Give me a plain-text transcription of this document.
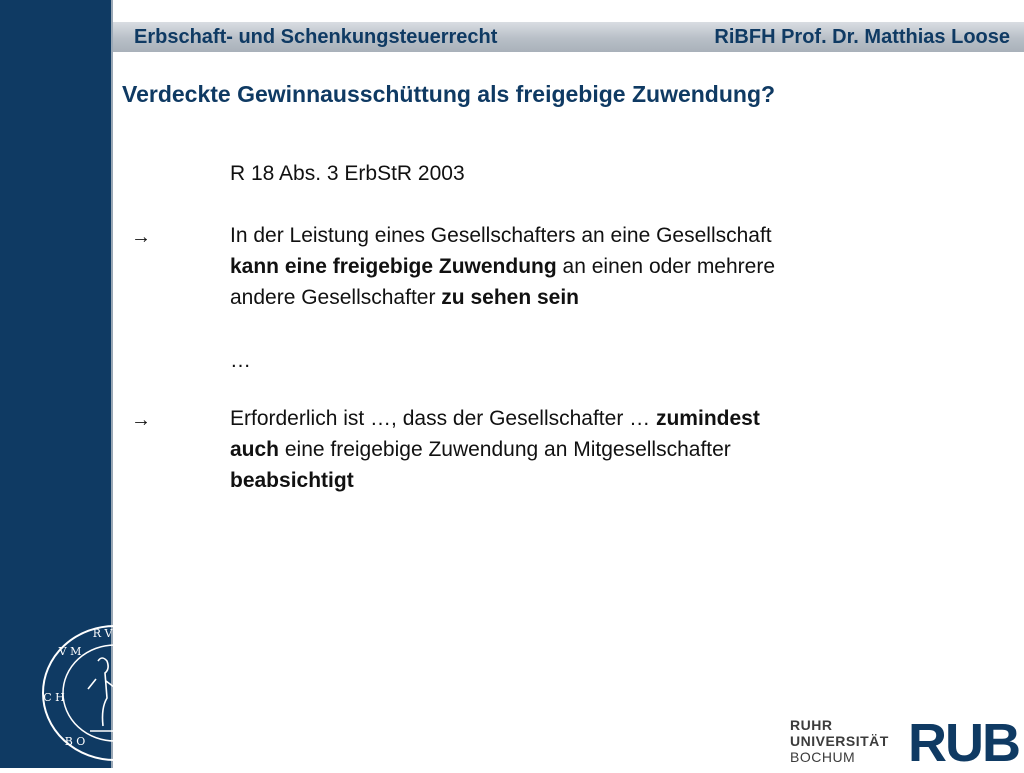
Erbschaft- und Schenkungsteuerrecht	RiBFH Prof. Dr. Matthias Loose
Verdeckte Gewinnausschüttung als freigebige Zuwendung?
R 18 Abs. 3 ErbStR 2003
→	In der Leistung eines Gesellschafters an eine Gesellschaft
kann eine freigebige Zuwendung an einen oder mehrere
andere Gesellschafter zu sehen sein
…
→	Erforderlich ist …, dass der Gesellschafter … zumindest
auch eine freigebige Zuwendung an Mitgesellschafter
beabsichtigt
R V H R
-
V N
I V E R S
B O
C H
V M
RUHR
UNIVERSITÄT
BOCHUM RUB
